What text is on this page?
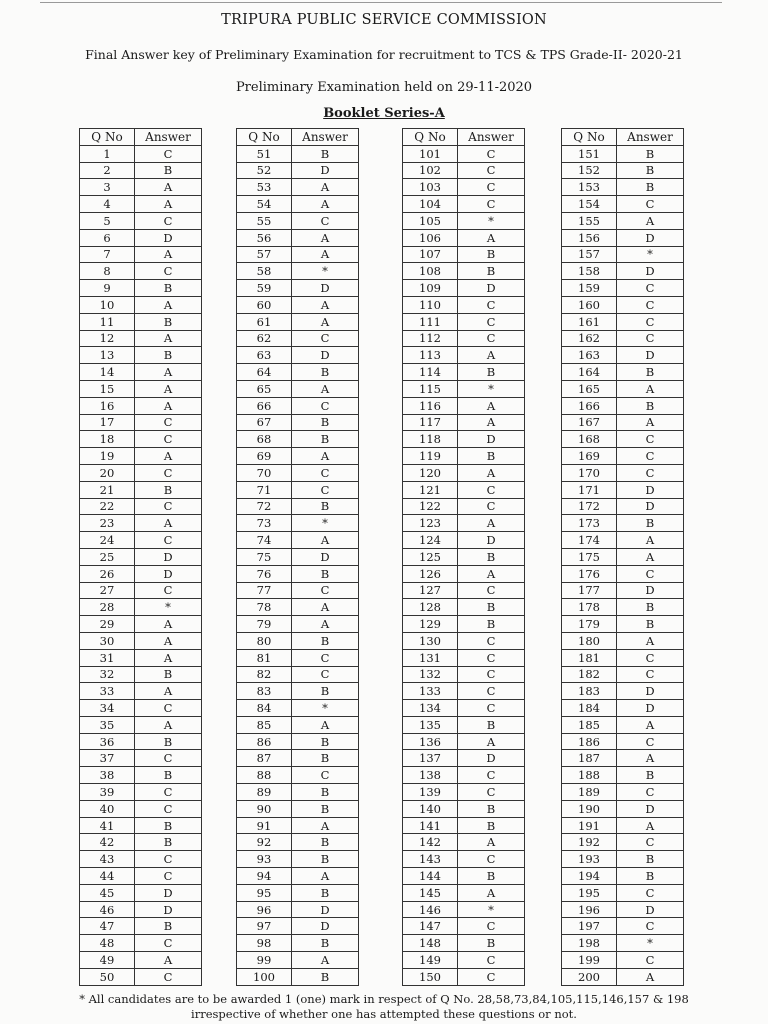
TRIPURA PUBLIC SERVICE COMMISSION
Final Answer key of Preliminary Examination for recruitment to TCS & TPS Grade-II- 2020-21
Preliminary Examination held on 29-11-2020
Booklet Series-A
Q No	Answer
1	C
2	B
3	A
4	A
5	C
6	D
7	A
8	C
9	B
10	A
11	B
12	A
13	B
14	A
15	A
16	A
17	C
18	C
19	A
20	C
21	B
22	C
23	A
24	C
25	D
26	D
27	C
28	*
29	A
30	A
31	A
32	B
33	A
34	C
35	A
36	B
37	C
38	B
39	C
40	C
41	B
42	B
43	C
44	C
45	D
46	D
47	B
48	C
49	A
50	C
Q No	Answer
51	B
52	D
53	A
54	A
55	C
56	A
57	A
58	*
59	D
60	A
61	A
62	C
63	D
64	B
65	A
66	C
67	B
68	B
69	A
70	C
71	C
72	B
73	*
74	A
75	D
76	B
77	C
78	A
79	A
80	B
81	C
82	C
83	B
84	*
85	A
86	B
87	B
88	C
89	B
90	B
91	A
92	B
93	B
94	A
95	B
96	D
97	D
98	B
99	A
100	B
Q No	Answer
101	C
102	C
103	C
104	C
105	*
106	A
107	B
108	B
109	D
110	C
111	C
112	C
113	A
114	B
115	*
116	A
117	A
118	D
119	B
120	A
121	C
122	C
123	A
124	D
125	B
126	A
127	C
128	B
129	B
130	C
131	C
132	C
133	C
134	C
135	B
136	A
137	D
138	C
139	C
140	B
141	B
142	A
143	C
144	B
145	A
146	*
147	C
148	B
149	C
150	C
Q No	Answer
151	B
152	B
153	B
154	C
155	A
156	D
157	*
158	D
159	C
160	C
161	C
162	C
163	D
164	B
165	A
166	B
167	A
168	C
169	C
170	C
171	D
172	D
173	B
174	A
175	A
176	C
177	D
178	B
179	B
180	A
181	C
182	C
183	D
184	D
185	A
186	C
187	A
188	B
189	C
190	D
191	A
192	C
193	B
194	B
195	C
196	D
197	C
198	*
199	C
200	A
* All candidates are to be awarded 1 (one) mark in respect of Q No. 28,58,73,84,105,115,146,157 & 198
irrespective of whether one has attempted these questions or not.
